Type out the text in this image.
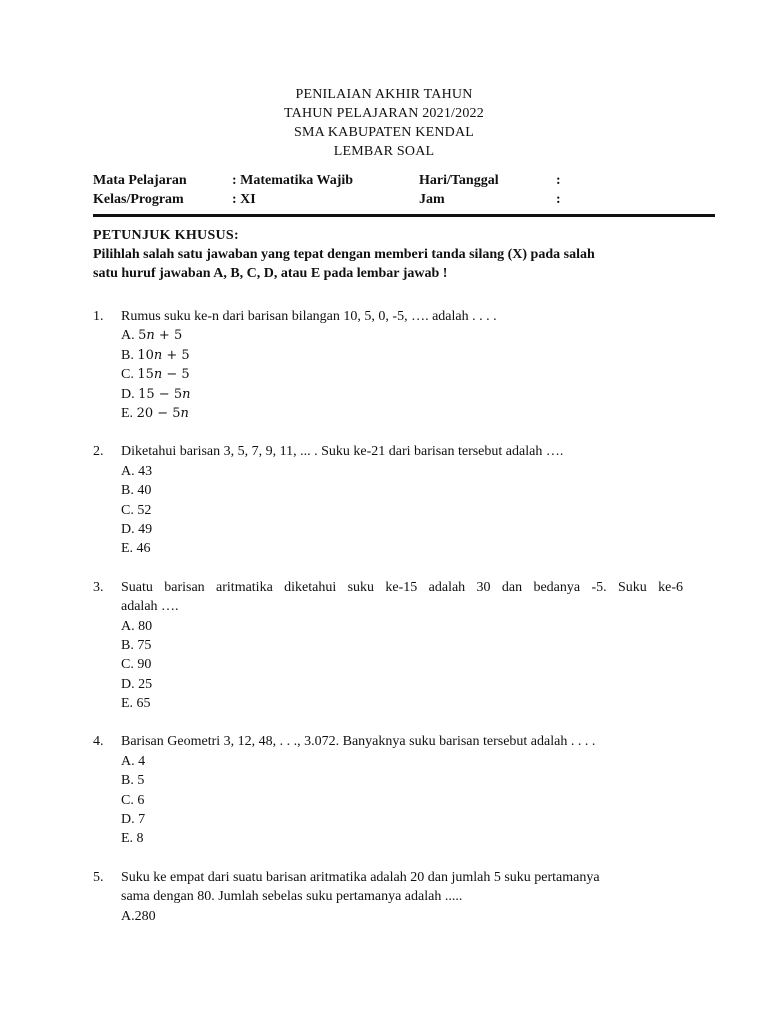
PENILAIAN AKHIR TAHUN
TAHUN PELAJARAN 2021/2022
SMA KABUPATEN KENDAL
LEMBAR SOAL
Mata Pelajaran	: Matematika Wajib	Hari/Tanggal	:
Kelas/Program	: XI	Jam	:
PETUNJUK KHUSUS:
Pilihlah salah satu jawaban yang tepat dengan memberi tanda silang (X) pada salah
satu huruf jawaban A, B, C, D, atau E pada lembar jawab !
1. Rumus suku ke-n dari barisan bilangan 10, 5, 0, -5, …. adalah . . . .
A. 5n + 5
B. 10n + 5
C. 15n − 5
D. 15 − 5n
E. 20 − 5n
2. Diketahui barisan 3, 5, 7, 9, 11, ... . Suku ke-21 dari barisan tersebut adalah ….
A. 43
B. 40
C. 52
D. 49
E. 46
3. Suatu barisan aritmatika diketahui suku ke-15 adalah 30 dan bedanya -5. Suku ke-6
adalah ….
A. 80
B. 75
C. 90
D. 25
E. 65
4. Barisan Geometri 3, 12, 48, . . ., 3.072. Banyaknya suku barisan tersebut adalah . . . .
A. 4
B. 5
C. 6
D. 7
E. 8
5. Suku ke empat dari suatu barisan aritmatika adalah 20 dan jumlah 5 suku pertamanya
sama dengan 80. Jumlah sebelas suku pertamanya adalah .....
A.280
